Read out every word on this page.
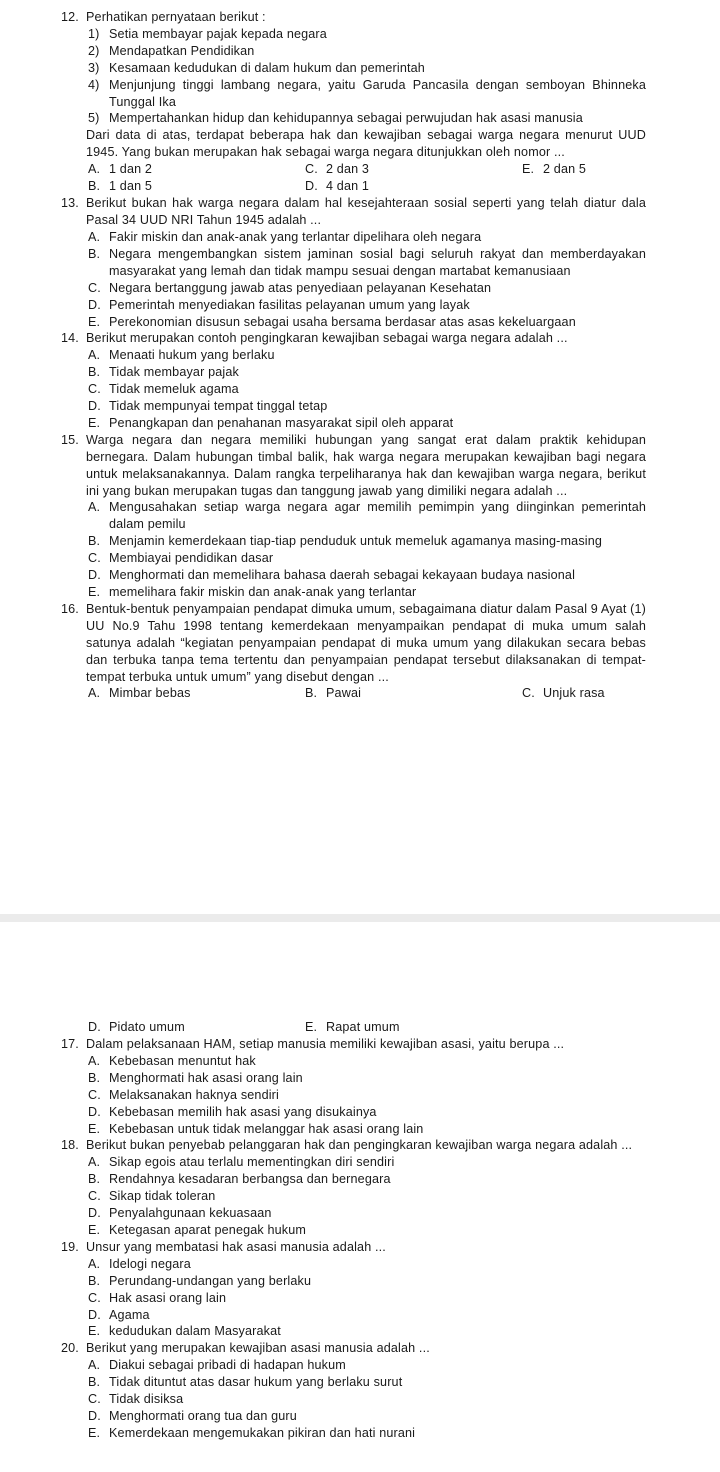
12. Perhatikan pernyataan berikut :
1) Setia membayar pajak kepada negara
2) Mendapatkan Pendidikan
3) Kesamaan kedudukan di dalam hukum dan pemerintah
4) Menjunjung tinggi lambang negara, yaitu Garuda Pancasila dengan semboyan Bhinneka Tunggal Ika
5) Mempertahankan hidup dan kehidupannya sebagai perwujudan hak asasi manusia
Dari data di atas, terdapat beberapa hak dan kewajiban sebagai warga negara menurut UUD 1945. Yang bukan merupakan hak sebagai warga negara ditunjukkan oleh nomor ...
A. 1 dan 2	C. 2 dan 3	E. 2 dan 5
B. 1 dan 5	D. 4 dan 1
13. Berikut bukan hak warga negara dalam hal kesejahteraan sosial seperti yang telah diatur dala Pasal 34 UUD NRI Tahun 1945 adalah ...
A. Fakir miskin dan anak-anak yang terlantar dipelihara oleh negara
B. Negara mengembangkan sistem jaminan sosial bagi seluruh rakyat dan memberdayakan masyarakat yang lemah dan tidak mampu sesuai dengan martabat kemanusiaan
C. Negara bertanggung jawab atas penyediaan pelayanan Kesehatan
D. Pemerintah menyediakan fasilitas pelayanan umum yang layak
E. Perekonomian disusun sebagai usaha bersama berdasar atas asas kekeluargaan
14. Berikut merupakan contoh pengingkaran kewajiban sebagai warga negara adalah ...
A. Menaati hukum yang berlaku
B. Tidak membayar pajak
C. Tidak memeluk agama
D. Tidak mempunyai tempat tinggal tetap
E. Penangkapan dan penahanan masyarakat sipil oleh apparat
15. Warga negara dan negara memiliki hubungan yang sangat erat dalam praktik kehidupan bernegara. Dalam hubungan timbal balik, hak warga negara merupakan kewajiban bagi negara untuk melaksanakannya. Dalam rangka terpeliharanya hak dan kewajiban warga negara, berikut ini yang bukan merupakan tugas dan tanggung jawab yang dimiliki negara adalah ...
A. Mengusahakan setiap warga negara agar memilih pemimpin yang diinginkan pemerintah dalam pemilu
B. Menjamin kemerdekaan tiap-tiap penduduk untuk memeluk agamanya masing-masing
C. Membiayai pendidikan dasar
D. Menghormati dan memelihara bahasa daerah sebagai kekayaan budaya nasional
E. memelihara fakir miskin dan anak-anak yang terlantar
16. Bentuk-bentuk penyampaian pendapat dimuka umum, sebagaimana diatur dalam Pasal 9 Ayat (1) UU No.9 Tahu 1998 tentang kemerdekaan menyampaikan pendapat di muka umum salah satunya adalah “kegiatan penyampaian pendapat di muka umum yang dilakukan secara bebas dan terbuka tanpa tema tertentu dan penyampaian pendapat tersebut dilaksanakan di tempat-tempat terbuka untuk umum” yang disebut dengan ...
A. Mimbar bebas	B. Pawai	C. Unjuk rasa
D. Pidato umum	E. Rapat umum
17. Dalam pelaksanaan HAM, setiap manusia memiliki kewajiban asasi, yaitu berupa ...
A. Kebebasan menuntut hak
B. Menghormati hak asasi orang lain
C. Melaksanakan haknya sendiri
D. Kebebasan memilih hak asasi yang disukainya
E. Kebebasan untuk tidak melanggar hak asasi orang lain
18. Berikut bukan penyebab pelanggaran hak dan pengingkaran kewajiban warga negara adalah ...
A. Sikap egois atau terlalu mementingkan diri sendiri
B. Rendahnya kesadaran berbangsa dan bernegara
C. Sikap tidak toleran
D. Penyalahgunaan kekuasaan
E. Ketegasan aparat penegak hukum
19. Unsur yang membatasi hak asasi manusia adalah ...
A. Idelogi negara
B. Perundang-undangan yang berlaku
C. Hak asasi orang lain
D. Agama
E. kedudukan dalam Masyarakat
20. Berikut yang merupakan kewajiban asasi manusia adalah ...
A. Diakui sebagai pribadi di hadapan hukum
B. Tidak dituntut atas dasar hukum yang berlaku surut
C. Tidak disiksa
D. Menghormati orang tua dan guru
E. Kemerdekaan mengemukakan pikiran dan hati nurani
